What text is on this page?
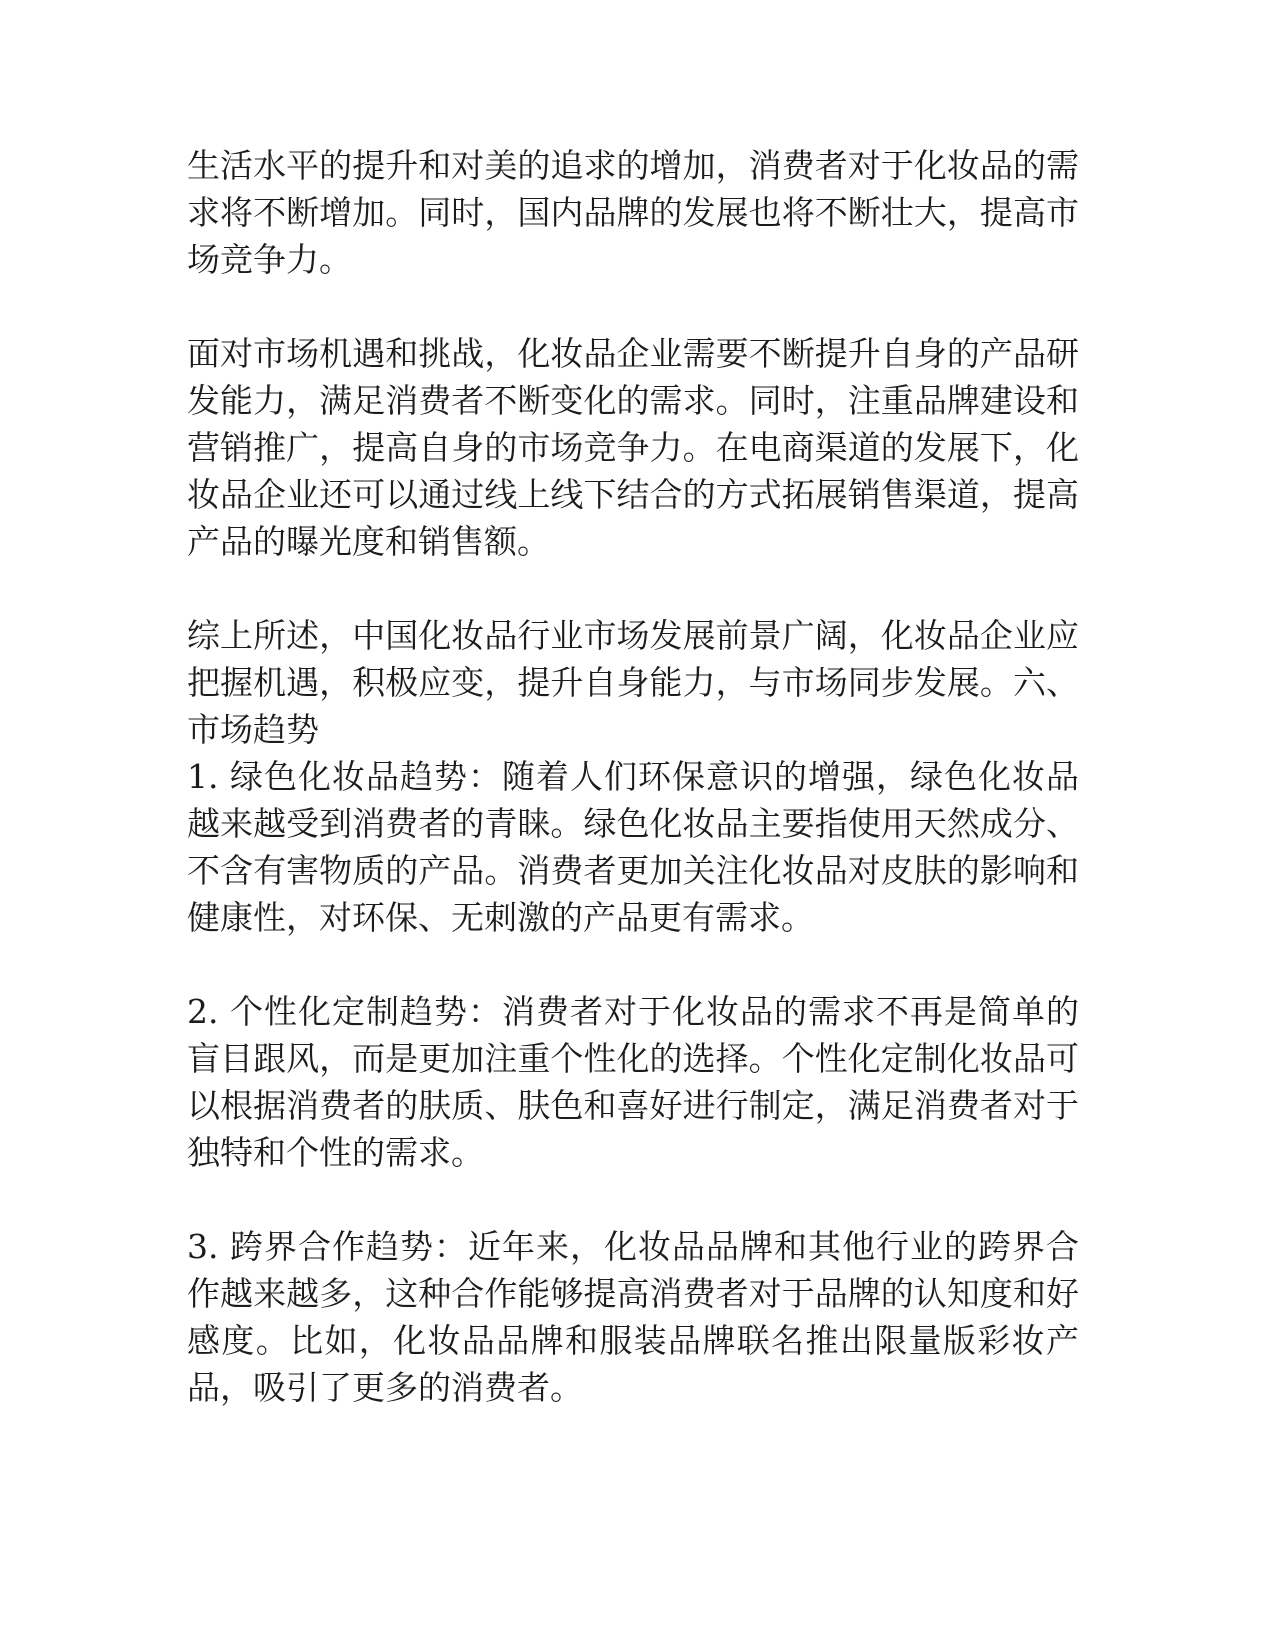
生活水平的提升和对美的追求的增加，消费者对于化妆品的需求将不断增加。同时，国内品牌的发展也将不断壮大，提高市场竞争力。

面对市场机遇和挑战，化妆品企业需要不断提升自身的产品研发能力，满足消费者不断变化的需求。同时，注重品牌建设和营销推广，提高自身的市场竞争力。在电商渠道的发展下，化妆品企业还可以通过线上线下结合的方式拓展销售渠道，提高产品的曝光度和销售额。

综上所述，中国化妆品行业市场发展前景广阔，化妆品企业应把握机遇，积极应变，提升自身能力，与市场同步发展。六、市场趋势

1. 绿色化妆品趋势：随着人们环保意识的增强，绿色化妆品越来越受到消费者的青睐。绿色化妆品主要指使用天然成分、不含有害物质的产品。消费者更加关注化妆品对皮肤的影响和健康性，对环保、无刺激的产品更有需求。

2. 个性化定制趋势：消费者对于化妆品的需求不再是简单的盲目跟风，而是更加注重个性化的选择。个性化定制化妆品可以根据消费者的肤质、肤色和喜好进行制定，满足消费者对于独特和个性的需求。

3. 跨界合作趋势：近年来，化妆品品牌和其他行业的跨界合作越来越多，这种合作能够提高消费者对于品牌的认知度和好感度。比如，化妆品品牌和服装品牌联名推出限量版彩妆产品，吸引了更多的消费者。
